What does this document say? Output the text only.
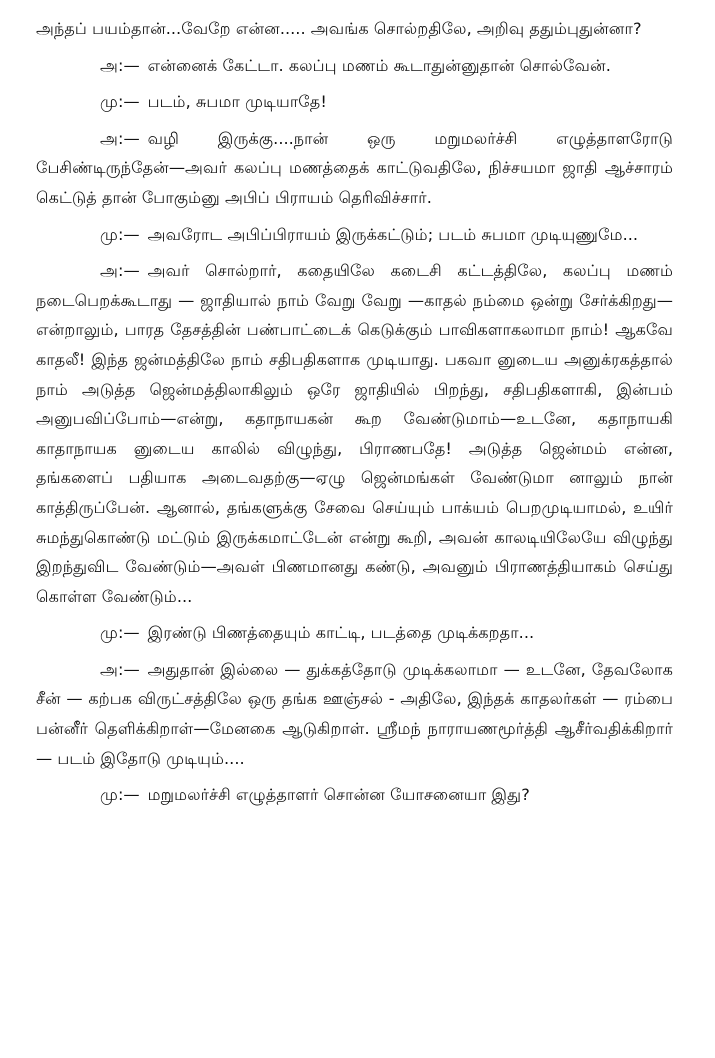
அந்தப் பயம்தான்...வேறே என்ன..... அவங்க சொல்றதிலே, அறிவு ததும்புதுன்னா?

அ:— என்னைக் கேட்டா. கலப்பு மணம் கூடாதுன்னுதான் சொல்வேன்.

மு:— படம், சுபமா முடியாதே!

அ:— வழி இருக்கு....நான் ஒரு மறுமலர்ச்சி எழுத்தாளரோடு பேசிண்டிருந்தேன்—அவர் கலப்பு மணத்தைக் காட்டுவதிலே, நிச்சயமா ஜாதி ஆச்சாரம் கெட்டுத் தான் போகும்னு அபிப் பிராயம் தெரிவிச்சார்.

மு:— அவரோட அபிப்பிராயம் இருக்கட்டும்; படம் சுபமா முடியுணுமே...

அ:— அவர் சொல்றார், கதையிலே கடைசி கட்டத்திலே, கலப்பு மணம் நடைபெறக்கூடாது — ஜாதியால் நாம் வேறு வேறு —காதல் நம்மை ஒன்று சேர்க்கிறது—என்றாலும், பாரத தேசத்தின் பண்பாட்டைக் கெடுக்கும் பாவிகளாகலாமா நாம்! ஆகவே காதலீ! இந்த ஜன்மத்திலே நாம் சதிபதிகளாக முடியாது. பகவா னுடைய அனுக்ரகத்தால் நாம் அடுத்த ஜென்மத்திலாகிலும் ஒரே ஜாதியில் பிறந்து, சதிபதிகளாகி, இன்பம் அனுபவிப்போம்—என்று, கதாநாயகன் கூற வேண்டுமாம்—உடனே, கதாநாயகி காதாநாயக னுடைய காலில் விழுந்து, பிராணபதே! அடுத்த ஜென்மம் என்ன, தங்களைப் பதியாக அடைவதற்கு—ஏழு ஜென்மங்கள் வேண்டுமா னாலும் நான் காத்திருப்பேன். ஆனால், தங்களுக்கு சேவை செய்யும் பாக்யம் பெறமுடியாமல், உயிர் சுமந்துகொண்டு மட்டும் இருக்கமாட்டேன் என்று கூறி, அவன் காலடியிலேயே விழுந்து இறந்துவிட வேண்டும்—அவள் பிணமானது கண்டு, அவனும் பிராணத்தியாகம் செய்து கொள்ள வேண்டும்...

மு:— இரண்டு பிணத்தையும் காட்டி, படத்தை முடிக்கறதா...

அ:— அதுதான் இல்லை — துக்கத்தோடு முடிக்கலாமா — உடனே, தேவலோக சீன் — கற்பக விருட்சத்திலே ஒரு தங்க ஊஞ்சல் - அதிலே, இந்தக் காதலர்கள் — ரம்பை பன்னீர் தெளிக்கிறாள்—மேனகை ஆடுகிறாள். ஸ்ரீமந் நாராயணமூர்த்தி ஆசீர்வதிக்கிறார் — படம் இதோடு முடியும்....

மு:— மறுமலர்ச்சி எழுத்தாளர் சொன்ன யோசனையா இது?
